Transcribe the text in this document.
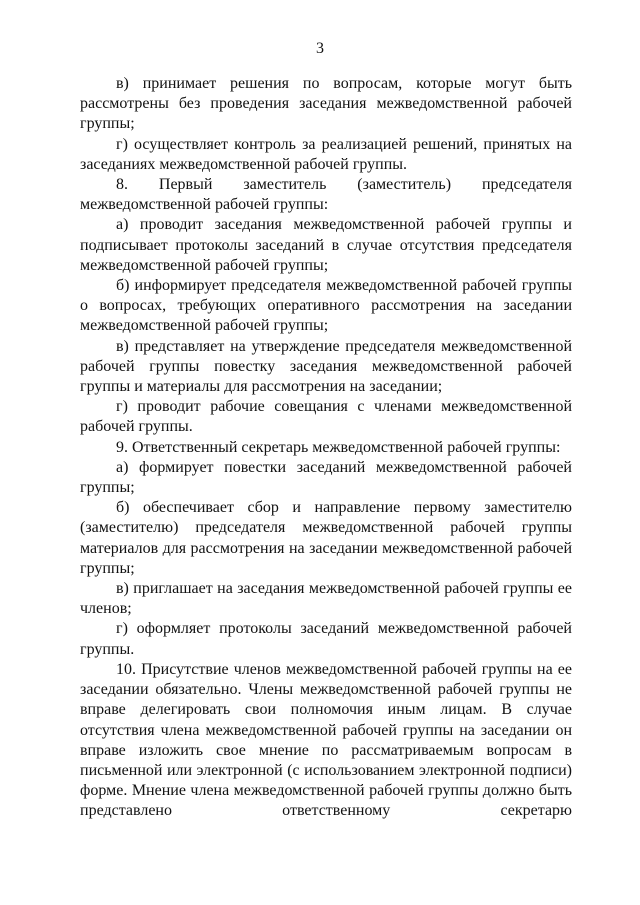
3

в) принимает решения по вопросам, которые могут быть рассмотрены без проведения заседания межведомственной рабочей группы;

г) осуществляет контроль за реализацией решений, принятых на заседаниях межведомственной рабочей группы.

8. Первый заместитель (заместитель) председателя межведомственной рабочей группы:

а) проводит заседания межведомственной рабочей группы и подписывает протоколы заседаний в случае отсутствия председателя межведомственной рабочей группы;

б) информирует председателя межведомственной рабочей группы о вопросах, требующих оперативного рассмотрения на заседании межведомственной рабочей группы;

в) представляет на утверждение председателя межведомственной рабочей группы повестку заседания межведомственной рабочей группы и материалы для рассмотрения на заседании;

г) проводит рабочие совещания с членами межведомственной рабочей группы.

9. Ответственный секретарь межведомственной рабочей группы:

а) формирует повестки заседаний межведомственной рабочей группы;

б) обеспечивает сбор и направление первому заместителю (заместителю) председателя межведомственной рабочей группы материалов для рассмотрения на заседании межведомственной рабочей группы;

в) приглашает на заседания межведомственной рабочей группы ее членов;

г) оформляет протоколы заседаний межведомственной рабочей группы.

10. Присутствие членов межведомственной рабочей группы на ее заседании обязательно. Члены межведомственной рабочей группы не вправе делегировать свои полномочия иным лицам. В случае отсутствия члена межведомственной рабочей группы на заседании он вправе изложить свое мнение по рассматриваемым вопросам в письменной или электронной (с использованием электронной подписи) форме. Мнение члена межведомственной рабочей группы должно быть представлено ответственному секретарю
